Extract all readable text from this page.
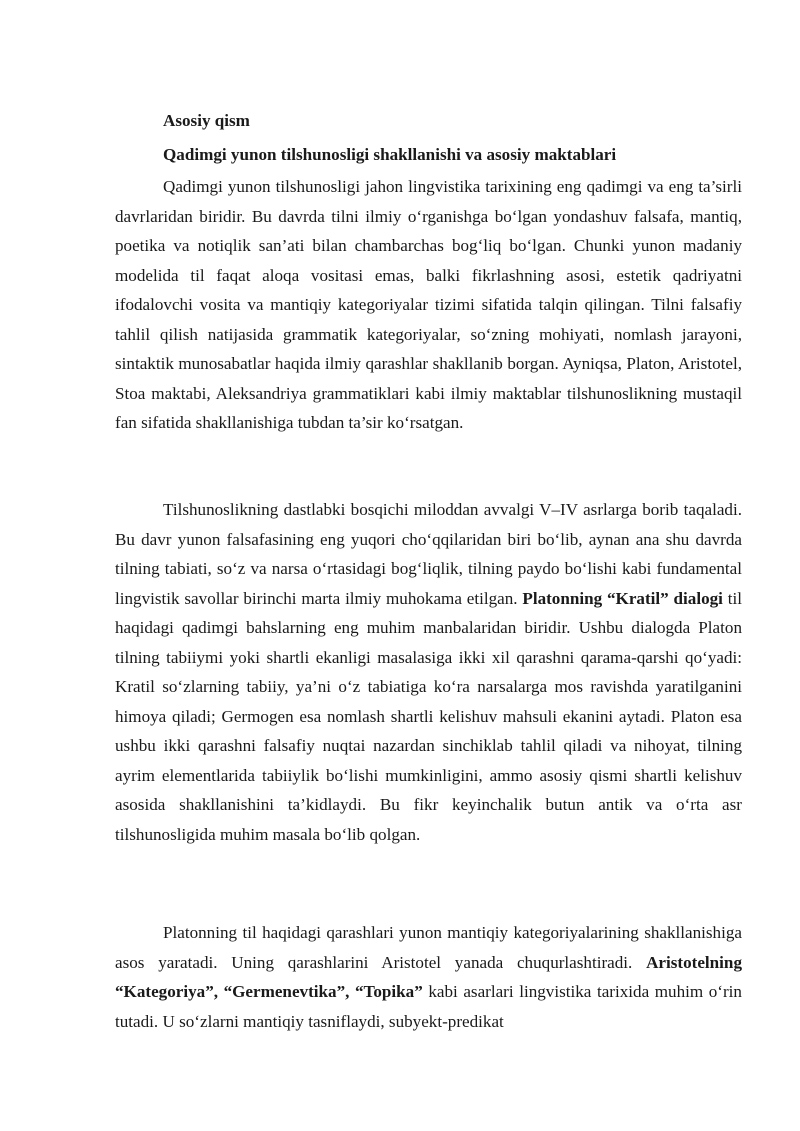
Asosiy qism
Qadimgi yunon tilshunosligi shakllanishi va asosiy maktablari

Qadimgi yunon tilshunosligi jahon lingvistika tarixining eng qadimgi va eng ta’sirli davrlaridan biridir. Bu davrda tilni ilmiy o‘rganishga bo‘lgan yondashuv falsafa, mantiq, poetika va notiqlik san’ati bilan chambarchas bog‘liq bo‘lgan. Chunki yunon madaniy modelida til faqat aloqa vositasi emas, balki fikrlashning asosi, estetik qadriyatni ifodalovchi vosita va mantiqiy kategoriyalar tizimi sifatida talqin qilingan. Tilni falsafiy tahlil qilish natijasida grammatik kategoriyalar, so‘zning mohiyati, nomlash jarayoni, sintaktik munosabatlar haqida ilmiy qarashlar shakllanib borgan. Ayniqsa, Platon, Aristotel, Stoa maktabi, Aleksandriya grammatiklari kabi ilmiy maktablar tilshunoslikning mustaqil fan sifatida shakllanishiga tubdan ta’sir ko‘rsatgan.

Tilshunoslikning dastlabki bosqichi miloddan avvalgi V–IV asrlarga borib taqaladi. Bu davr yunon falsafasining eng yuqori cho‘qqilaridan biri bo‘lib, aynan ana shu davrda tilning tabiati, so‘z va narsa o‘rtasidagi bog‘liqlik, tilning paydo bo‘lishi kabi fundamental lingvistik savollar birinchi marta ilmiy muhokama etilgan. Platonning “Kratil” dialogi til haqidagi qadimgi bahslarning eng muhim manbalaridan biridir. Ushbu dialogda Platon tilning tabiiymi yoki shartli ekanligi masalasiga ikki xil qarashni qarama-qarshi qo‘yadi: Kratil so‘zlarning tabiiy, ya’ni o‘z tabiatiga ko‘ra narsalarga mos ravishda yaratilganini himoya qiladi; Germogen esa nomlash shartli kelishuv mahsuli ekanini aytadi. Platon esa ushbu ikki qarashni falsafiy nuqtai nazardan sinchiklab tahlil qiladi va nihoyat, tilning ayrim elementlarida tabiiylik bo‘lishi mumkinligini, ammo asosiy qismi shartli kelishuv asosida shakllanishini ta’kidlaydi. Bu fikr keyinchalik butun antik va o‘rta asr tilshunosligida muhim masala bo‘lib qolgan.

Platonning til haqidagi qarashlari yunon mantiqiy kategoriyalarining shakllanishiga asos yaratadi. Uning qarashlarini Aristotel yanada chuqurlashtiradi. Aristotelning “Kategoriya”, “Germenevtika”, “Topika” kabi asarlari lingvistika tarixida muhim o‘rin tutadi. U so‘zlarni mantiqiy tasniflaydi, subyekt-predikat
